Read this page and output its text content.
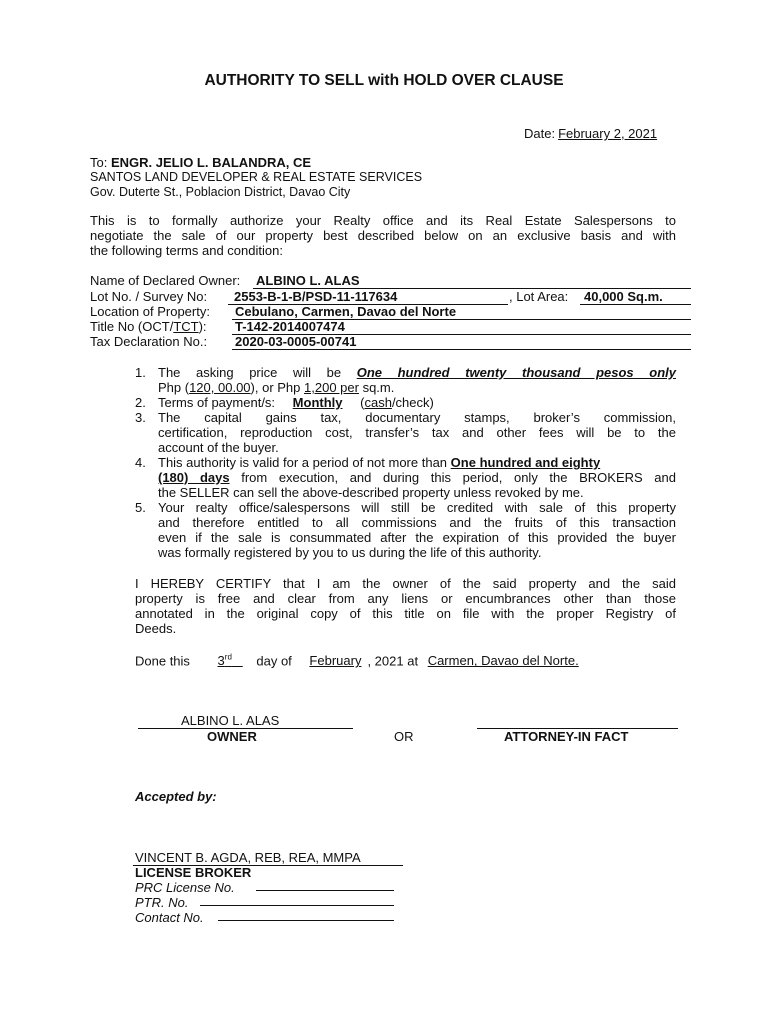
AUTHORITY TO SELL with HOLD OVER CLAUSE
Date: February 2, 2021
To: ENGR. JELIO L. BALANDRA, CE
SANTOS LAND DEVELOPER & REAL ESTATE SERVICES
Gov. Duterte St., Poblacion District, Davao City
This is to formally authorize your Realty office and its Real Estate Salespersons to
negotiate the sale of our property best described below on an exclusive basis and with
the following terms and condition:
Name of Declared Owner: ALBINO L. ALAS
Lot No. / Survey No: 2553-B-1-B/PSD-11-117634	, Lot Area: 40,000 Sq.m.
Location of Property: Cebulano, Carmen, Davao del Norte
Title No (OCT/TCT): T-142-2014007474
Tax Declaration No.: 2020-03-0005-00741
1. The asking price will be One hundred twenty thousand pesos only
Php (120, 00.00), or Php 1,200 per sq.m.
2. Terms of payment/s: Monthly (cash/check)
3. The capital gains tax, documentary stamps, broker’s commission,
certification, reproduction cost, transfer’s tax and other fees will be to the
account of the buyer.
4. This authority is valid for a period of not more than One hundred and eighty
(180) days from execution, and during this period, only the BROKERS and
the SELLER can sell the above-described property unless revoked by me.
5. Your realty office/salespersons will still be credited with sale of this property
and therefore entitled to all commissions and the fruits of this transaction
even if the sale is consummated after the expiration of this provided the buyer
was formally registered by you to us during the life of this authority.
I HEREBY CERTIFY that I am the owner of the said property and the said
property is free and clear from any liens or encumbrances other than those
annotated in the original copy of this title on file with the proper Registry of
Deeds.
Done this 3rd day of February , 2021 at Carmen, Davao del Norte.
ALBINO L. ALAS
OWNER	OR	ATTORNEY-IN FACT
Accepted by:
VINCENT B. AGDA, REB, REA, MMPA
LICENSE BROKER
PRC License No.
PTR. No.
Contact No.
